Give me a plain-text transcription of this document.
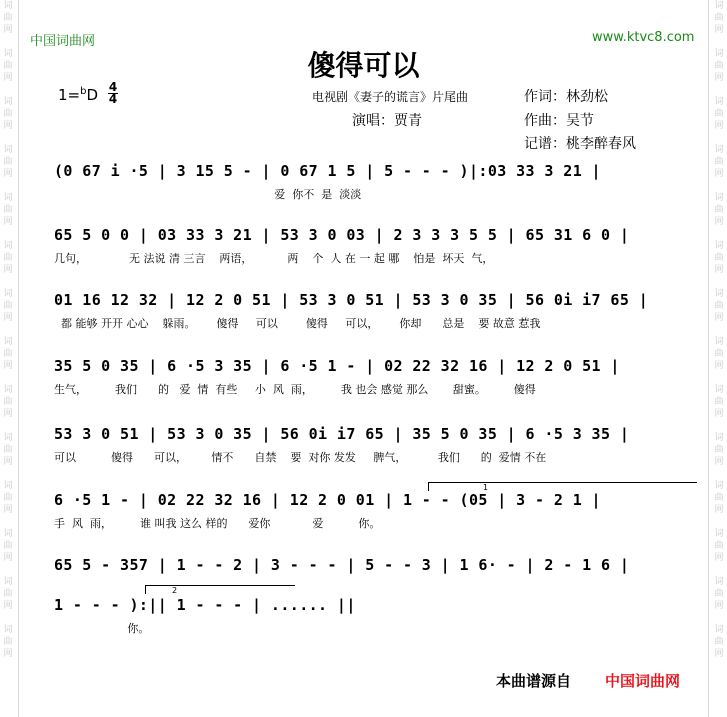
词
曲
网

词
曲
网

词
曲
网

词
曲
网

词
曲
网

词
曲
网

词
曲
网

词
曲
网

词
曲
网

词
曲
网

词
曲
网

词
曲
网

词
曲
网

词
曲
网
词
曲
网

词
曲
网

词
曲
网

词
曲
网

词
曲
网

词
曲
网

词
曲
网

词
曲
网

词
曲
网

词
曲
网

词
曲
网

词
曲
网

词
曲
网

词
曲
网
中国词曲网	www.ktvc8.com
傻得可以
1=$^b$D 4
4	电视剧《妻子的谎言》片尾曲
演唱：贾青
作词：林劲松
作曲：吴节
记谱：桃李醉春风
(0 67 i ·5 | 3 15 5 - | 0 67 1 5 | 5 - - - )|:03 33 3 21 |
爱  你不  是  淡淡
65 5 0 0 | 03 33 3 21 | 53 3 0 03 | 2 3 3 3 5 5 | 65 31 6 0 |
几句，            无 法说 清 三言    两语，          两    个  人 在 一 起 哪    怕是  坏天  气，
01 16 12 32 | 12 2 0 51 | 53 3 0 51 | 53 3 0 35 | 56 0i i7 65 |
都 能够 开开 心心    躲雨。      傻得     可以        傻得     可以，      你却      总是    要 故意 惹我
35 5 0 35 | 6 ·5 3 35 | 6 ·5 1 - | 02 22 32 16 | 12 2 0 51 |
生气，        我们      的   爱  情  有些     小  风  雨，        我 也会 感觉 那么       甜蜜。        傻得
53 3 0 51 | 53 3 0 35 | 56 0i i7 65 | 35 5 0 35 | 6 ·5 3 35 |
可以          傻得      可以，       情不      自禁    要  对你 发发     脾气，         我们      的  爱情 不在
1
6 ·5 1 - | 02 22 32 16 | 12 2 0 01 | 1 - - (05 | 3 - 2 1 |
手  风  雨，        谁 叫我 这么 样的      爱你            爱          你。
65 5 - 357 | 1 - - 2 | 3 - - - | 5 - - 3 | 1 6· - | 2 - 1 6 |
2
1 - - - ):|| 1 - - - | ...... ||
你。
本曲谱源自 中国词曲网
